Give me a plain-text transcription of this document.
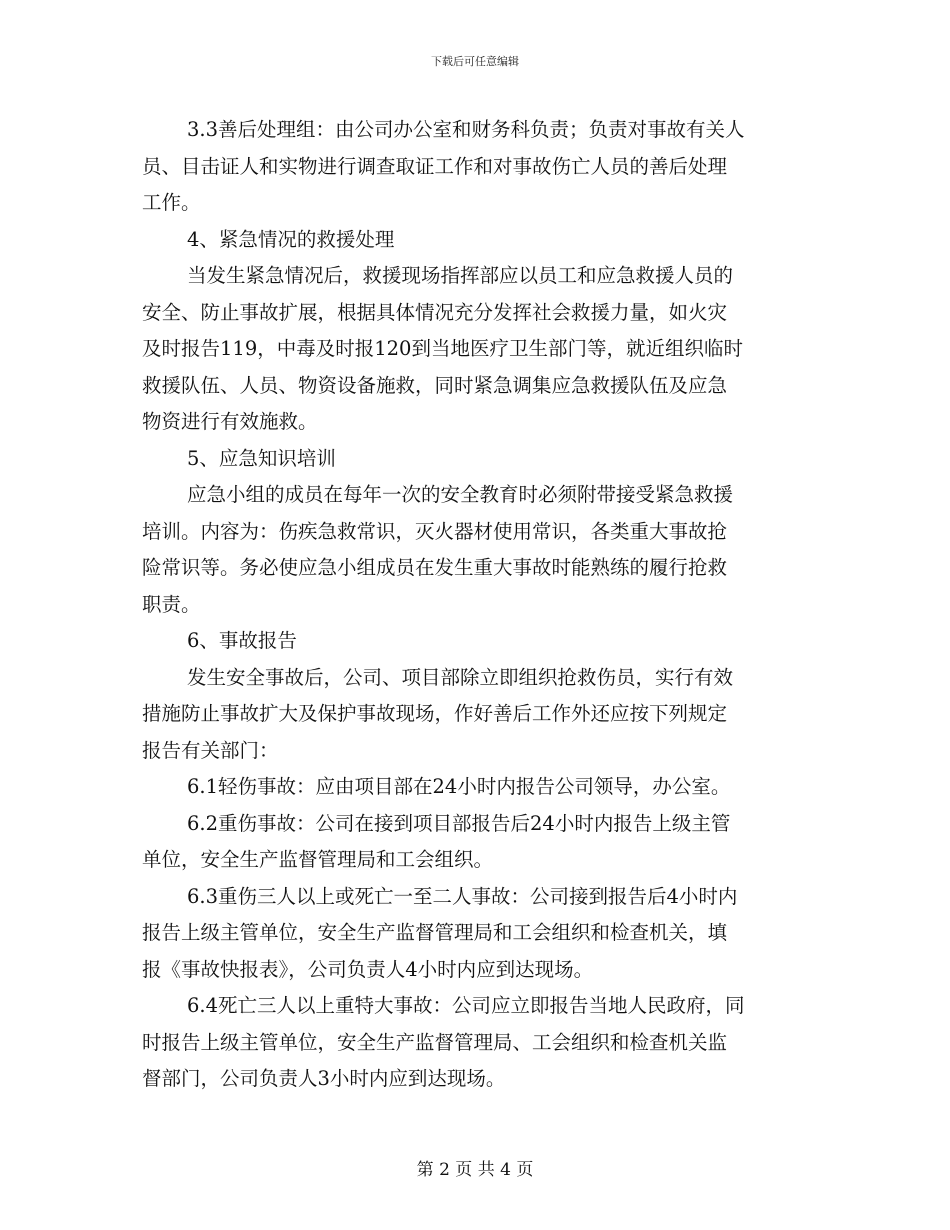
下载后可任意编辑
3.3善后处理组：由公司办公室和财务科负责；负责对事故有关人
员、目击证人和实物进行调查取证工作和对事故伤亡人员的善后处理
工作。
4、紧急情况的救援处理
当发生紧急情况后，救援现场指挥部应以员工和应急救援人员的
安全、防止事故扩展，根据具体情况充分发挥社会救援力量，如火灾
及时报告119，中毒及时报120到当地医疗卫生部门等，就近组织临时
救援队伍、人员、物资设备施救，同时紧急调集应急救援队伍及应急
物资进行有效施救。
5、应急知识培训
应急小组的成员在每年一次的安全教育时必须附带接受紧急救援
培训。内容为：伤疾急救常识，灭火器材使用常识，各类重大事故抢
险常识等。务必使应急小组成员在发生重大事故时能熟练的履行抢救
职责。
6、事故报告
发生安全事故后，公司、项目部除立即组织抢救伤员，实行有效
措施防止事故扩大及保护事故现场，作好善后工作外还应按下列规定
报告有关部门：
6.1轻伤事故：应由项目部在24小时内报告公司领导，办公室。
6.2重伤事故：公司在接到项目部报告后24小时内报告上级主管
单位，安全生产监督管理局和工会组织。
6.3重伤三人以上或死亡一至二人事故：公司接到报告后4小时内
报告上级主管单位，安全生产监督管理局和工会组织和检查机关，填
报《事故快报表》，公司负责人4小时内应到达现场。
6.4死亡三人以上重特大事故：公司应立即报告当地人民政府，同
时报告上级主管单位，安全生产监督管理局、工会组织和检查机关监
督部门，公司负责人3小时内应到达现场。
第 2 页 共 4 页
